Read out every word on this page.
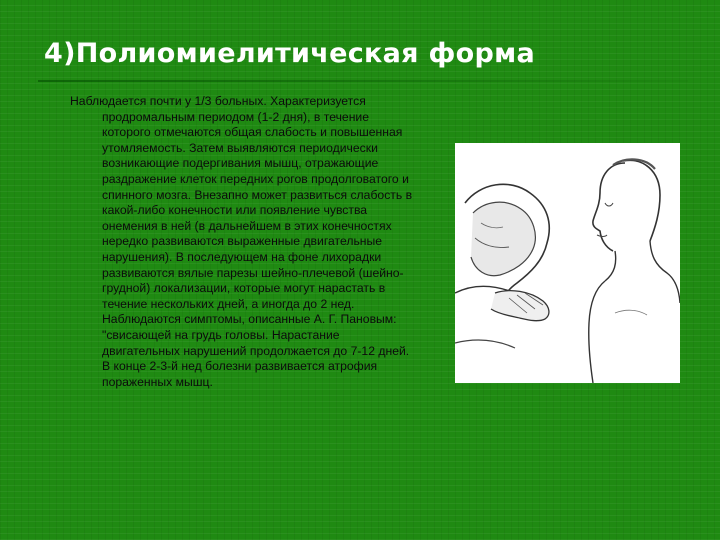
4)Полиомиелитическая форма

Наблюдается почти у 1/3 больных. Характеризуется продромальным периодом (1-2 дня), в течение которого отмечаются общая слабость и повышенная утомляемость. Затем выявляются периодически возникающие подергивания мышц, отражающие раздражение клеток передних рогов продолговатого и спинного мозга. Внезапно может развиться слабость в какой-либо конечности или появление чувства онемения в ней (в дальнейшем в этих конечностях нередко развиваются выраженные двигательные нарушения). В последующем на фоне лихорадки развиваются вялые парезы шейно-плечевой (шейно-грудной) локализации, которые могут нарастать в течение нескольких дней, а иногда до 2 нед. Наблюдаются симптомы, описанные А. Г. Пановым: "свисающей на грудь головы. Нарастание двигательных нарушений продолжается до 7-12 дней. В конце 2-3-й нед болезни развивается атрофия пораженных мышц.
